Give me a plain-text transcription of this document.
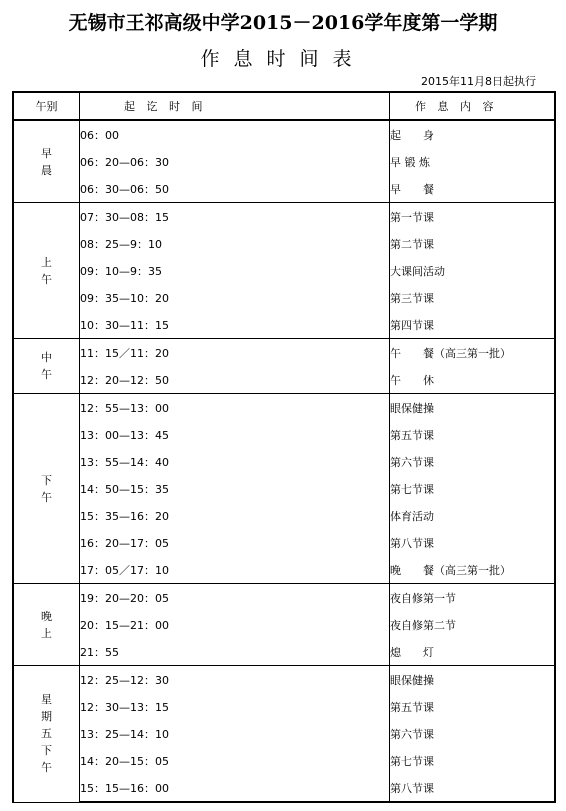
无锡市王祁高级中学2015－2016学年度第一学期
作息时间表
2015年11月8日起执行
午别	起 讫 时 间	作 息 内 容
早晨	06：00	起　　身
	06：20—06：30	早 锻 炼
	06：30—06：50	早　　餐
上午	07：30—08：15	第一节课
	08：25—9：10	第二节课
	09：10—9：35	大课间活动
	09：35—10：20	第三节课
	10：30—11：15	第四节课
中午	11：15／11：20	午　　餐（高三第一批）
	12：20—12：50	午　　休
下午	12：55—13：00	眼保健操
	13：00—13：45	第五节课
	13：55—14：40	第六节课
	14：50—15：35	第七节课
	15：35—16：20	体育活动
	16：20—17：05	第八节课
	17：05／17：10	晚　　餐（高三第一批）
晚上	19：20—20：05	夜自修第一节
	20：15—21：00	夜自修第二节
	21：55	熄　　灯
星期五下午	12：25—12：30	眼保健操
	12：30—13：15	第五节课
	13：25—14：10	第六节课
	14：20—15：05	第七节课
	15：15—16：00	第八节课
